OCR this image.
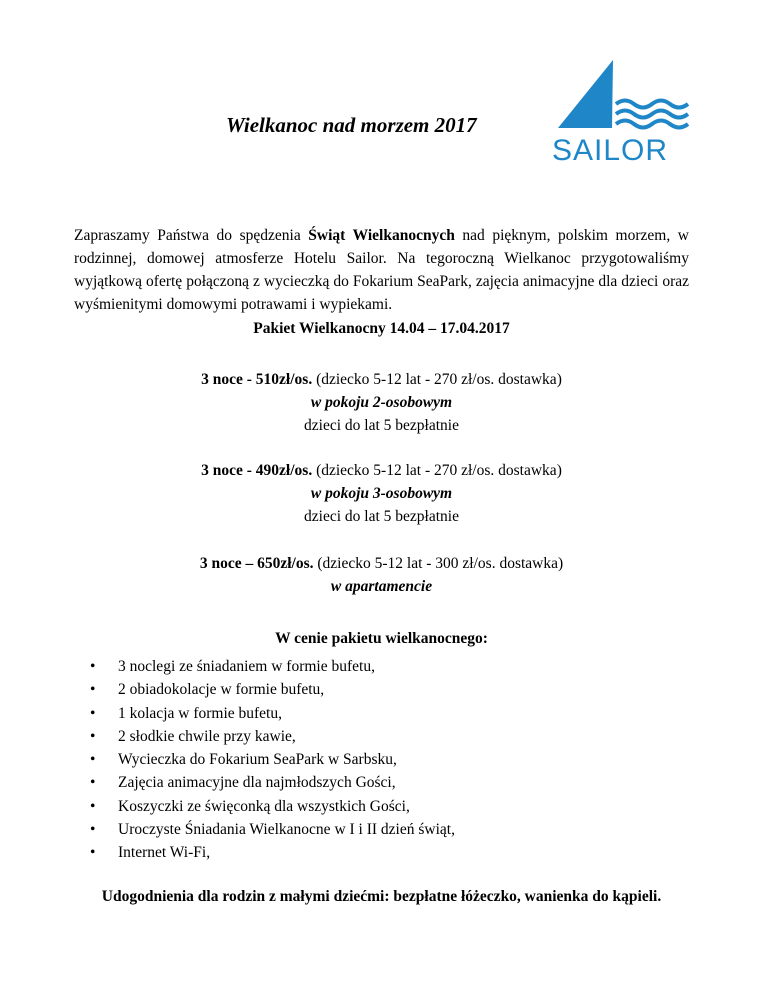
Wielkanoc nad morzem 2017
SAILOR
Zapraszamy Państwa do spędzenia Świąt Wielkanocnych nad pięknym, polskim morzem, w rodzinnej, domowej atmosferze Hotelu Sailor. Na tegoroczną Wielkanoc przygotowaliśmy wyjątkową ofertę połączoną z wycieczką do Fokarium SeaPark, zajęcia animacyjne dla dzieci oraz wyśmienitymi domowymi potrawami i wypiekami.
Pakiet Wielkanocny 14.04 – 17.04.2017
3 noce - 510zł/os. (dziecko 5-12 lat - 270 zł/os. dostawka)
w pokoju 2-osobowym
dzieci do lat 5 bezpłatnie
3 noce - 490zł/os. (dziecko 5-12 lat - 270 zł/os. dostawka)
w pokoju 3-osobowym
dzieci do lat 5 bezpłatnie
3 noce – 650zł/os. (dziecko 5-12 lat - 300 zł/os. dostawka)
w apartamencie
W cenie pakietu wielkanocnego:
• 3 noclegi ze śniadaniem w formie bufetu,
• 2 obiadokolacje w formie bufetu,
• 1 kolacja w formie bufetu,
• 2 słodkie chwile przy kawie,
• Wycieczka do Fokarium SeaPark w Sarbsku,
• Zajęcia animacyjne dla najmłodszych Gości,
• Koszyczki ze święconką dla wszystkich Gości,
• Uroczyste Śniadania Wielkanocne w I i II dzień świąt,
• Internet Wi-Fi,
Udogodnienia dla rodzin z małymi dziećmi: bezpłatne łóżeczko, wanienka do kąpieli.
